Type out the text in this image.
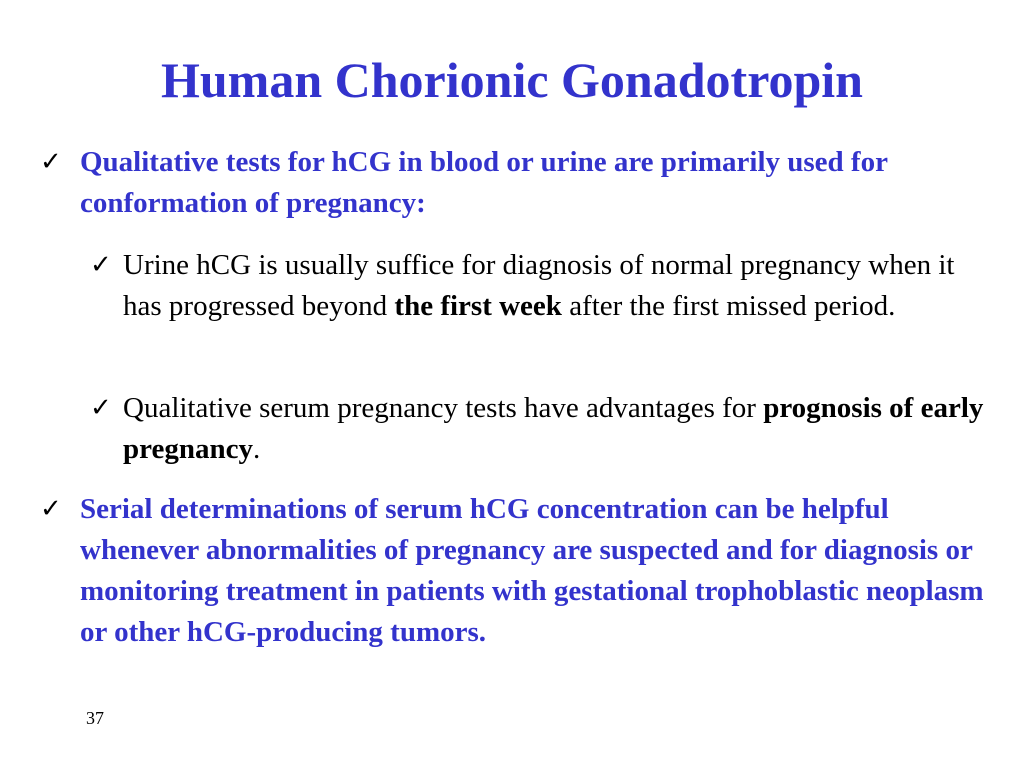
Human Chorionic Gonadotropin
✓ Qualitative tests for hCG in blood or urine are primarily used for conformation of pregnancy:
✓ Urine hCG is usually suffice for diagnosis of normal pregnancy when it has progressed beyond the first week after the first missed period.
✓ Qualitative serum pregnancy tests have advantages for prognosis of early pregnancy.
✓ Serial determinations of serum hCG concentration can be helpful whenever abnormalities of pregnancy are suspected and for diagnosis or monitoring treatment in patients with gestational trophoblastic neoplasm or other hCG-producing tumors.
37
